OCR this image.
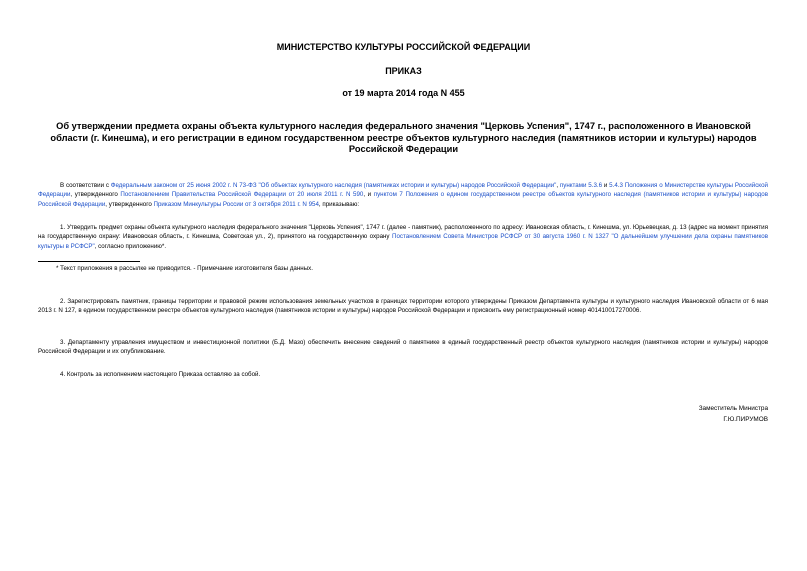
МИНИСТЕРСТВО КУЛЬТУРЫ РОССИЙСКОЙ ФЕДЕРАЦИИ
ПРИКАЗ
от 19 марта 2014 года N 455
Об утверждении предмета охраны объекта культурного наследия федерального значения "Церковь Успения", 1747 г., расположенного в Ивановской области (г. Кинешма), и его регистрации в едином государственном реестре объектов культурного наследия (памятников истории и культуры) народов Российской Федерации
В соответствии с Федеральным законом от 25 июня 2002 г. N 73-ФЗ "Об объектах культурного наследия (памятниках истории и культуры) народов Российской Федерации", пунктами 5.3.6 и 5.4.3 Положения о Министерстве культуры Российской Федерации, утвержденного Постановлением Правительства Российской Федерации от 20 июля 2011 г. N 590, и пунктом 7 Положения о едином государственном реестре объектов культурного наследия (памятников истории и культуры) народов Российской Федерации, утвержденного Приказом Минкультуры России от 3 октября 2011 г. N 954, приказываю:
1. Утвердить предмет охраны объекта культурного наследия федерального значения "Церковь Успения", 1747 г. (далее - памятник), расположенного по адресу: Ивановская область, г. Кинешма, ул. Юрьевецкая, д. 13 (адрес на момент принятия на государственную охрану: Ивановская область, г. Кинешма, Советская ул., 2), принятого на государственную охрану Постановлением Совета Министров РСФСР от 30 августа 1960 г. N 1327 "О дальнейшем улучшении дела охраны памятников культуры в РСФСР", согласно приложению*.
* Текст приложения в рассылке не приводится. - Примечание изготовителя базы данных.
2. Зарегистрировать памятник, границы территории и правовой режим использования земельных участков в границах территории которого утверждены Приказом Департамента культуры и культурного наследия Ивановской области от 6 мая 2013 г. N 127, в едином государственном реестре объектов культурного наследия (памятников истории и культуры) народов Российской Федерации и присвоить ему регистрационный номер 401410017270006.
3. Департаменту управления имуществом и инвестиционной политики (Б.Д. Мазо) обеспечить внесение сведений о памятнике в единый государственный реестр объектов культурного наследия (памятников истории и культуры) народов Российской Федерации и их опубликование.
4. Контроль за исполнением настоящего Приказа оставляю за собой.
Заместитель Министра
Г.Ю.ПИРУМОВ
